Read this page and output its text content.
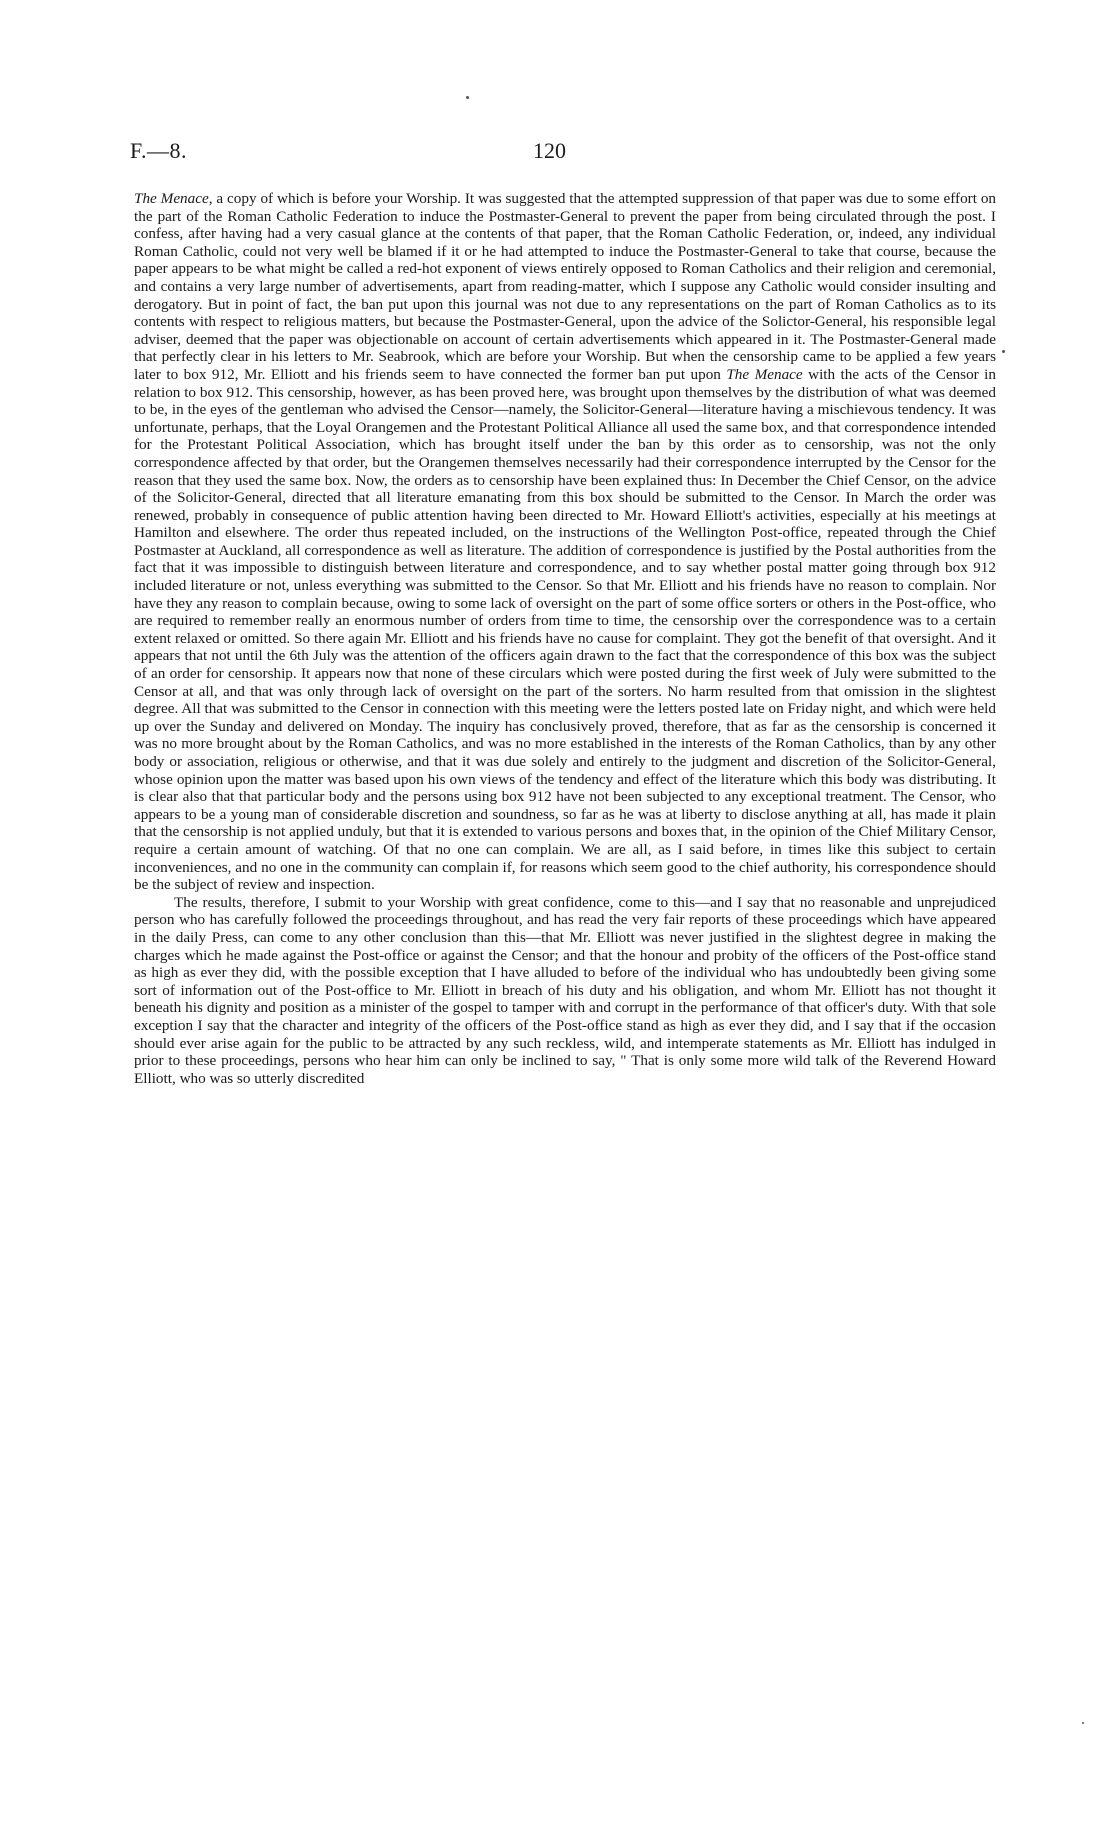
F.—8.	120

The Menace, a copy of which is before your Worship. It was suggested that the attempted suppression of that paper was due to some effort on the part of the Roman Catholic Federation to induce the Postmaster-General to prevent the paper from being circulated through the post. I confess, after having had a very casual glance at the contents of that paper, that the Roman Catholic Federation, or, indeed, any individual Roman Catholic, could not very well be blamed if it or he had attempted to induce the Postmaster-General to take that course, because the paper appears to be what might be called a red-hot exponent of views entirely opposed to Roman Catholics and their religion and ceremonial, and contains a very large number of advertisements, apart from reading-matter, which I suppose any Catholic would consider insulting and derogatory. But in point of fact, the ban put upon this journal was not due to any representations on the part of Roman Catholics as to its contents with respect to religious matters, but because the Postmaster-General, upon the advice of the Solictor-General, his responsible legal adviser, deemed that the paper was objectionable on account of certain advertisements which appeared in it. The Postmaster-General made that perfectly clear in his letters to Mr. Seabrook, which are before your Worship. But when the censorship came to be applied a few years later to box 912, Mr. Elliott and his friends seem to have connected the former ban put upon The Menace with the acts of the Censor in relation to box 912. This censorship, however, as has been proved here, was brought upon themselves by the distribution of what was deemed to be, in the eyes of the gentleman who advised the Censor—namely, the Solicitor-General—literature having a mischievous tendency. It was unfortunate, perhaps, that the Loyal Orangemen and the Protestant Political Alliance all used the same box, and that correspondence intended for the Protestant Political Association, which has brought itself under the ban by this order as to censorship, was not the only correspondence affected by that order, but the Orangemen themselves necessarily had their correspondence interrupted by the Censor for the reason that they used the same box. Now, the orders as to censorship have been explained thus: In December the Chief Censor, on the advice of the Solicitor-General, directed that all literature emanating from this box should be submitted to the Censor. In March the order was renewed, probably in consequence of public attention having been directed to Mr. Howard Elliott's activities, especially at his meetings at Hamilton and elsewhere. The order thus repeated included, on the instructions of the Wellington Post-office, repeated through the Chief Postmaster at Auckland, all correspondence as well as literature. The addition of correspondence is justified by the Postal authorities from the fact that it was impossible to distinguish between literature and correspondence, and to say whether postal matter going through box 912 included literature or not, unless everything was submitted to the Censor. So that Mr. Elliott and his friends have no reason to complain. Nor have they any reason to complain because, owing to some lack of oversight on the part of some office sorters or others in the Post-office, who are required to remember really an enormous number of orders from time to time, the censorship over the correspondence was to a certain extent relaxed or omitted. So there again Mr. Elliott and his friends have no cause for complaint. They got the benefit of that oversight. And it appears that not until the 6th July was the attention of the officers again drawn to the fact that the correspondence of this box was the subject of an order for censorship. It appears now that none of these circulars which were posted during the first week of July were submitted to the Censor at all, and that was only through lack of oversight on the part of the sorters. No harm resulted from that omission in the slightest degree. All that was submitted to the Censor in connection with this meeting were the letters posted late on Friday night, and which were held up over the Sunday and delivered on Monday. The inquiry has conclusively proved, therefore, that as far as the censorship is concerned it was no more brought about by the Roman Catholics, and was no more established in the interests of the Roman Catholics, than by any other body or association, religious or otherwise, and that it was due solely and entirely to the judgment and discretion of the Solicitor-General, whose opinion upon the matter was based upon his own views of the tendency and effect of the literature which this body was distributing. It is clear also that that particular body and the persons using box 912 have not been subjected to any exceptional treatment. The Censor, who appears to be a young man of considerable discretion and soundness, so far as he was at liberty to disclose anything at all, has made it plain that the censorship is not applied unduly, but that it is extended to various persons and boxes that, in the opinion of the Chief Military Censor, require a certain amount of watching. Of that no one can complain. We are all, as I said before, in times like this subject to certain inconveniences, and no one in the community can complain if, for reasons which seem good to the chief authority, his correspondence should be the subject of review and inspection.

The results, therefore, I submit to your Worship with great confidence, come to this—and I say that no reasonable and unprejudiced person who has carefully followed the proceedings throughout, and has read the very fair reports of these proceedings which have appeared in the daily Press, can come to any other conclusion than this—that Mr. Elliott was never justified in the slightest degree in making the charges which he made against the Post-office or against the Censor; and that the honour and probity of the officers of the Post-office stand as high as ever they did, with the possible exception that I have alluded to before of the individual who has undoubtedly been giving some sort of information out of the Post-office to Mr. Elliott in breach of his duty and his obligation, and whom Mr. Elliott has not thought it beneath his dignity and position as a minister of the gospel to tamper with and corrupt in the performance of that officer's duty. With that sole exception I say that the character and integrity of the officers of the Post-office stand as high as ever they did, and I say that if the occasion should ever arise again for the public to be attracted by any such reckless, wild, and intemperate statements as Mr. Elliott has indulged in prior to these proceedings, persons who hear him can only be inclined to say, " That is only some more wild talk of the Reverend Howard Elliott, who was so utterly discredited
